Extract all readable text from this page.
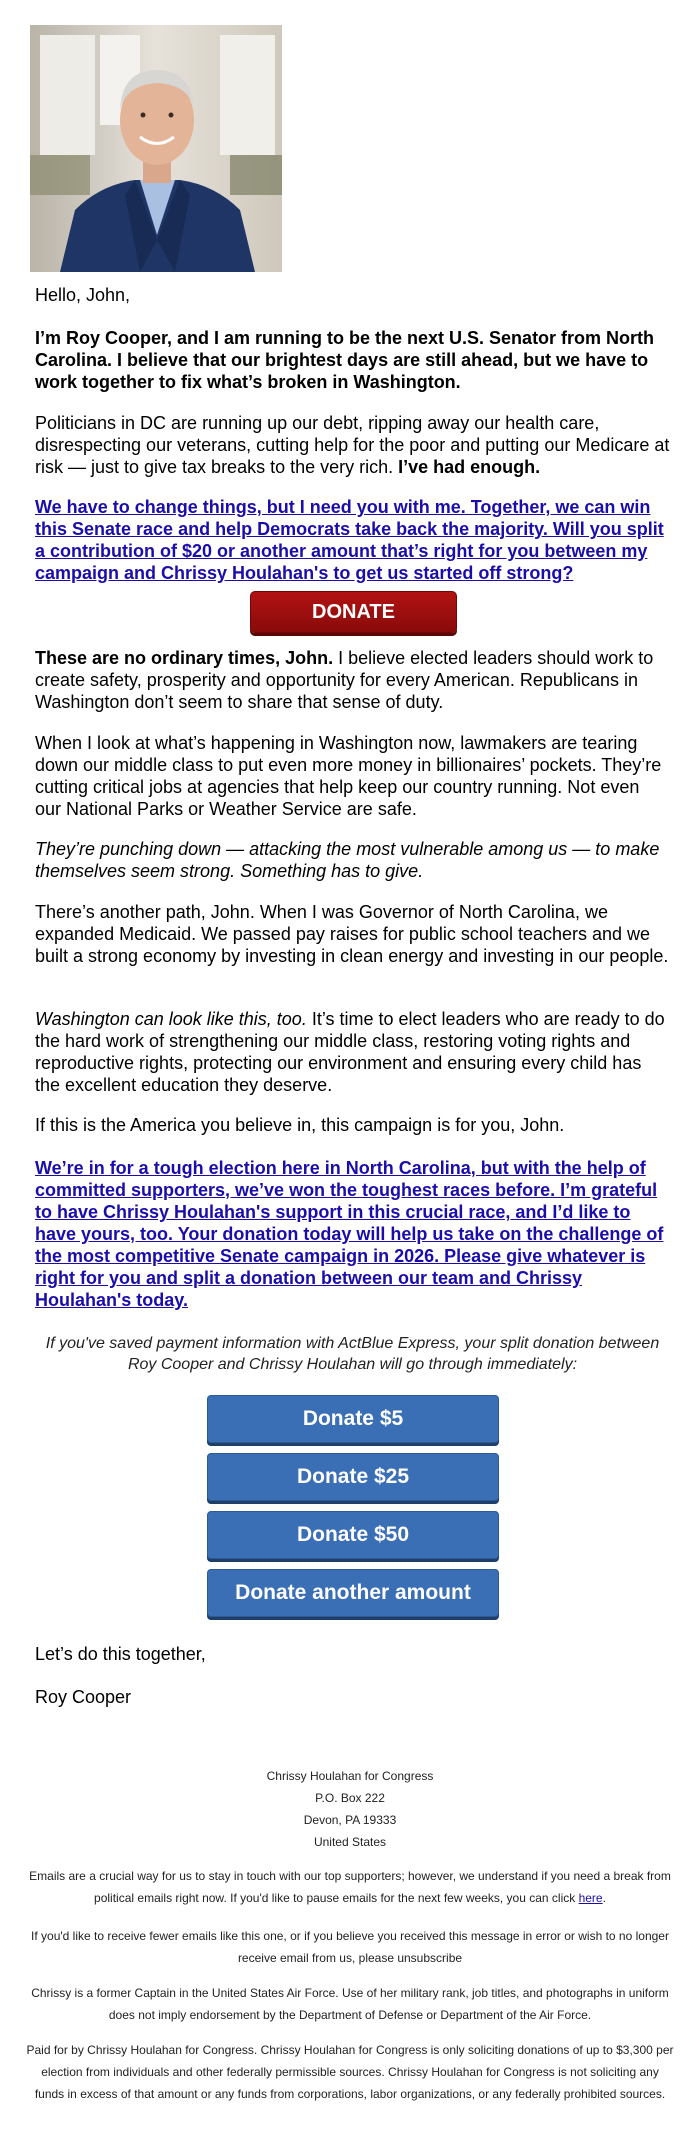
Hello, John,

I’m Roy Cooper, and I am running to be the next U.S. Senator from North Carolina. I believe that our brightest days are still ahead, but we have to work together to fix what’s broken in Washington.

Politicians in DC are running up our debt, ripping away our health care, disrespecting our veterans, cutting help for the poor and putting our Medicare at risk — just to give tax breaks to the very rich. I’ve had enough.

We have to change things, but I need you with me. Together, we can win this Senate race and help Democrats take back the majority. Will you split a contribution of $20 or another amount that’s right for you between my campaign and Chrissy Houlahan's to get us started off strong?

DONATE

These are no ordinary times, John. I believe elected leaders should work to create safety, prosperity and opportunity for every American. Republicans in Washington don’t seem to share that sense of duty.

When I look at what’s happening in Washington now, lawmakers are tearing down our middle class to put even more money in billionaires’ pockets. They’re cutting critical jobs at agencies that help keep our country running. Not even our National Parks or Weather Service are safe.

They’re punching down — attacking the most vulnerable among us — to make themselves seem strong. Something has to give.

There’s another path, John. When I was Governor of North Carolina, we expanded Medicaid. We passed pay raises for public school teachers and we built a strong economy by investing in clean energy and investing in our people.

Washington can look like this, too. It’s time to elect leaders who are ready to do the hard work of strengthening our middle class, restoring voting rights and reproductive rights, protecting our environment and ensuring every child has the excellent education they deserve.

If this is the America you believe in, this campaign is for you, John.

We’re in for a tough election here in North Carolina, but with the help of committed supporters, we’ve won the toughest races before. I’m grateful to have Chrissy Houlahan's support in this crucial race, and I’d like to have yours, too. Your donation today will help us take on the challenge of the most competitive Senate campaign in 2026. Please give whatever is right for you and split a donation between our team and Chrissy Houlahan's today.

If you've saved payment information with ActBlue Express, your split donation between Roy Cooper and Chrissy Houlahan will go through immediately:
Donate $5
Donate $25
Donate $50
Donate another amount

Let’s do this together,

Roy Cooper

Chrissy Houlahan for Congress
P.O. Box 222
Devon, PA 19333
United States

Emails are a crucial way for us to stay in touch with our top supporters; however, we understand if you need a break from political emails right now. If you'd like to pause emails for the next few weeks, you can click here.

If you'd like to receive fewer emails like this one, or if you believe you received this message in error or wish to no longer receive email from us, please unsubscribe

Chrissy is a former Captain in the United States Air Force. Use of her military rank, job titles, and photographs in uniform does not imply endorsement by the Department of Defense or Department of the Air Force.

Paid for by Chrissy Houlahan for Congress. Chrissy Houlahan for Congress is only soliciting donations of up to $3,300 per election from individuals and other federally permissible sources. Chrissy Houlahan for Congress is not soliciting any funds in excess of that amount or any funds from corporations, labor organizations, or any federally prohibited sources.
